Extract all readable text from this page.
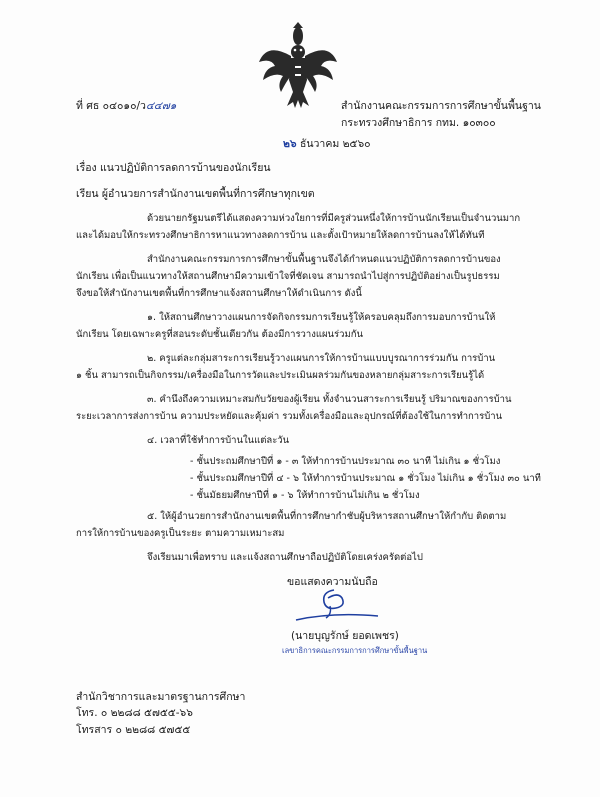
ที่ ศธ ๐๔๐๑๐/ว๔๔๗๑	สำนักงานคณะกรรมการการศึกษาขั้นพื้นฐาน
กระทรวงศึกษาธิการ กทม. ๑๐๓๐๐
๒๖ ธันวาคม ๒๕๖๐
เรื่อง แนวปฏิบัติการลดการบ้านของนักเรียน
เรียน ผู้อำนวยการสำนักงานเขตพื้นที่การศึกษาทุกเขต
ด้วยนายกรัฐมนตรีได้แสดงความห่วงใยการที่มีครูส่วนหนึ่งให้การบ้านนักเรียนเป็นจำนวนมาก
และได้มอบให้กระทรวงศึกษาธิการหาแนวทางลดการบ้าน และตั้งเป้าหมายให้ลดการบ้านลงให้ได้ทันที
สำนักงานคณะกรรมการการศึกษาขั้นพื้นฐานจึงได้กำหนดแนวปฏิบัติการลดการบ้านของ
นักเรียน เพื่อเป็นแนวทางให้สถานศึกษามีความเข้าใจที่ชัดเจน สามารถนำไปสู่การปฏิบัติอย่างเป็นรูปธรรม
จึงขอให้สำนักงานเขตพื้นที่การศึกษาแจ้งสถานศึกษาให้ดำเนินการ ดังนี้
๑. ให้สถานศึกษาวางแผนการจัดกิจกรรมการเรียนรู้ให้ครอบคลุมถึงการมอบการบ้านให้
นักเรียน โดยเฉพาะครูที่สอนระดับชั้นเดียวกัน ต้องมีการวางแผนร่วมกัน
๒. ครูแต่ละกลุ่มสาระการเรียนรู้วางแผนการให้การบ้านแบบบูรณาการร่วมกัน การบ้าน
๑ ชิ้น สามารถเป็นกิจกรรม/เครื่องมือในการวัดและประเมินผลร่วมกันของหลายกลุ่มสาระการเรียนรู้ได้
๓. คำนึงถึงความเหมาะสมกับวัยของผู้เรียน ทั้งจำนวนสาระการเรียนรู้ ปริมาณของการบ้าน
ระยะเวลาการส่งการบ้าน ความประหยัดและคุ้มค่า รวมทั้งเครื่องมือและอุปกรณ์ที่ต้องใช้ในการทำการบ้าน
๔. เวลาที่ใช้ทำการบ้านในแต่ละวัน
- ชั้นประถมศึกษาปีที่ ๑ - ๓ ให้ทำการบ้านประมาณ ๓๐ นาที ไม่เกิน ๑ ชั่วโมง
- ชั้นประถมศึกษาปีที่ ๔ - ๖ ให้ทำการบ้านประมาณ ๑ ชั่วโมง ไม่เกิน ๑ ชั่วโมง ๓๐ นาที
- ชั้นมัธยมศึกษาปีที่ ๑ - ๖ ให้ทำการบ้านไม่เกิน ๒ ชั่วโมง
๕. ให้ผู้อำนวยการสำนักงานเขตพื้นที่การศึกษากำชับผู้บริหารสถานศึกษาให้กำกับ ติดตาม
การให้การบ้านของครูเป็นระยะ ตามความเหมาะสม
จึงเรียนมาเพื่อทราบ และแจ้งสถานศึกษาถือปฏิบัติโดยเคร่งครัดต่อไป
ขอแสดงความนับถือ
(นายบุญรักษ์ ยอดเพชร)
เลขาธิการคณะกรรมการการศึกษาขั้นพื้นฐาน
สำนักวิชาการและมาตรฐานการศึกษา
โทร. ๐ ๒๒๘๘ ๕๗๕๕-๖๖
โทรสาร ๐ ๒๒๘๘ ๕๗๕๕
